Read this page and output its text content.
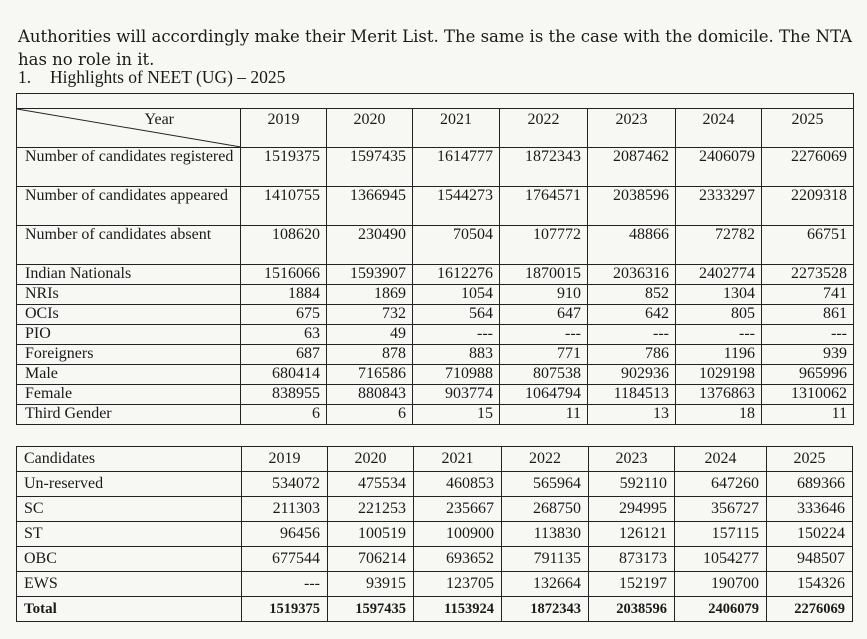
Authorities will accordingly make their Merit List. The same is the case with the domicile. The NTA has no role in it.

1. Highlights of NEET (UG) – 2025

Year	2019	2020	2021	2022	2023	2024	2025
Number of candidates registered	1519375	1597435	1614777	1872343	2087462	2406079	2276069
Number of candidates appeared	1410755	1366945	1544273	1764571	2038596	2333297	2209318
Number of candidates absent	108620	230490	70504	107772	48866	72782	66751
Indian Nationals	1516066	1593907	1612276	1870015	2036316	2402774	2273528
NRIs	1884	1869	1054	910	852	1304	741
OCIs	675	732	564	647	642	805	861
PIO	63	49	---	---	---	---	---
Foreigners	687	878	883	771	786	1196	939
Male	680414	716586	710988	807538	902936	1029198	965996
Female	838955	880843	903774	1064794	1184513	1376863	1310062
Third Gender	6	6	15	11	13	18	11
Candidates	2019	2020	2021	2022	2023	2024	2025
Un-reserved	534072	475534	460853	565964	592110	647260	689366
SC	211303	221253	235667	268750	294995	356727	333646
ST	96456	100519	100900	113830	126121	157115	150224
OBC	677544	706214	693652	791135	873173	1054277	948507
EWS	---	93915	123705	132664	152197	190700	154326
Total	1519375	1597435	1153924	1872343	2038596	2406079	2276069
